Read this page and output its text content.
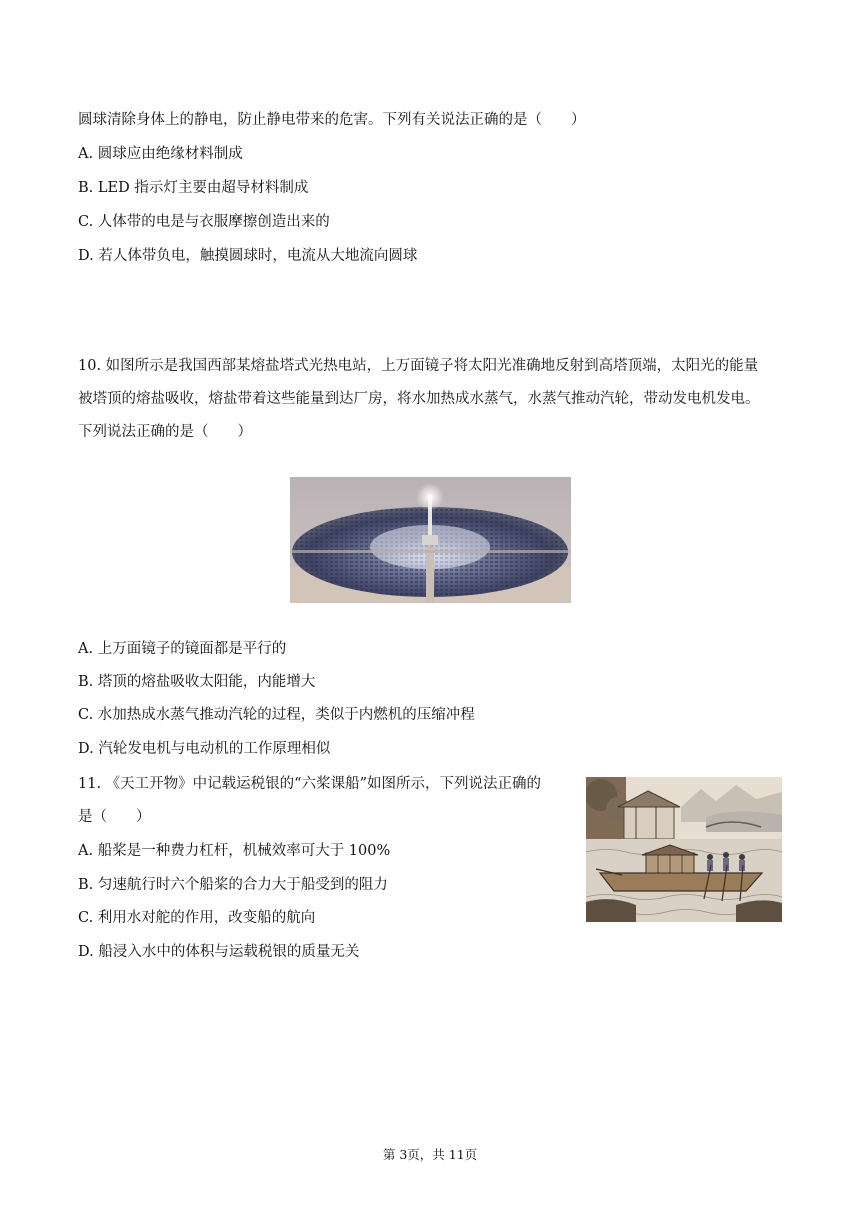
圆球清除身体上的静电，防止静电带来的危害。下列有关说法正确的是（　　）
A. 圆球应由绝缘材料制成
B. LED 指示灯主要由超导材料制成
C. 人体带的电是与衣服摩擦创造出来的
D. 若人体带负电，触摸圆球时，电流从大地流向圆球
10. 如图所示是我国西部某熔盐塔式光热电站，上万面镜子将太阳光准确地反射到高塔顶端，太阳光的能量
被塔顶的熔盐吸收，熔盐带着这些能量到达厂房，将水加热成水蒸气，水蒸气推动汽轮，带动发电机发电。
下列说法正确的是（　　）
A. 上万面镜子的镜面都是平行的
B. 塔顶的熔盐吸收太阳能，内能增大
C. 水加热成水蒸气推动汽轮的过程，类似于内燃机的压缩冲程
D. 汽轮发电机与电动机的工作原理相似
11. 《天工开物》中记载运税银的“六桨课船”如图所示，下列说法正确的
是（　　）
A. 船桨是一种费力杠杆，机械效率可大于 100%
B. 匀速航行时六个船桨的合力大于船受到的阻力
C. 利用水对舵的作用，改变船的航向
D. 船浸入水中的体积与运载税银的质量无关
第 3页，共 11页
